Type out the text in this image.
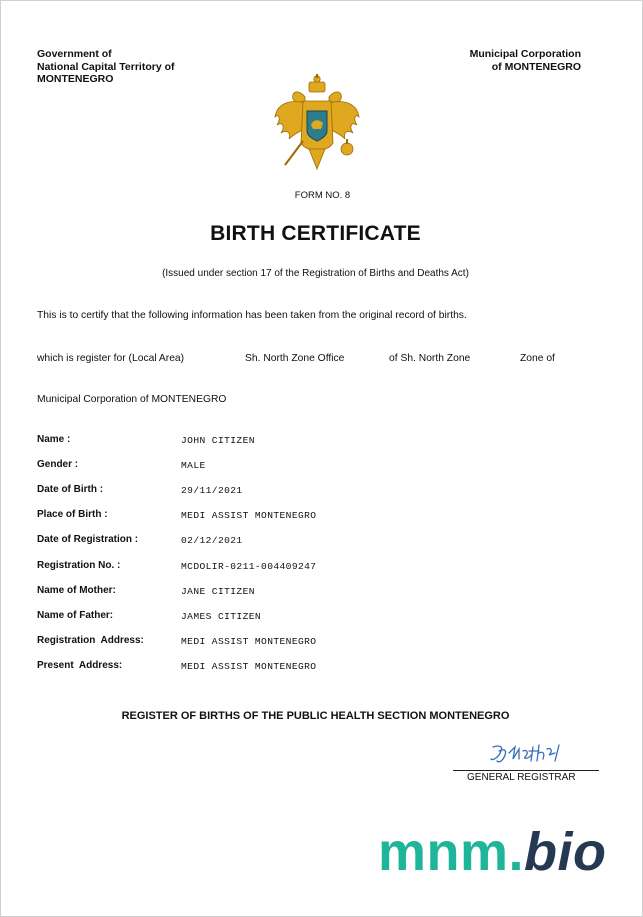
Government of
National Capital Territory of
MONTENEGRO
Municipal Corporation
of MONTENEGRO
FORM NO. 8
BIRTH CERTIFICATE
(Issued under section 17 of the Registration of Births and Deaths Act)
This is to certify that the following information has been taken from the original record of births.
which is register for (Local Area)	Sh. North Zone Office	of Sh. North Zone	Zone of
Municipal Corporation of MONTENEGRO
Name :	JOHN CITIZEN
Gender :	MALE
Date of Birth :	29/11/2021
Place of Birth :	MEDI ASSIST MONTENEGRO
Date of Registration :	02/12/2021
Registration No. :	MCDOLIR-0211-004409247
Name of Mother:	JANE CITIZEN
Name of Father:	JAMES CITIZEN
Registration  Address:	MEDI ASSIST MONTENEGRO
Present  Address:	MEDI ASSIST MONTENEGRO
REGISTER OF BIRTHS OF THE PUBLIC HEALTH SECTION MONTENEGRO
GENERAL REGISTRAR
mnm.bio
